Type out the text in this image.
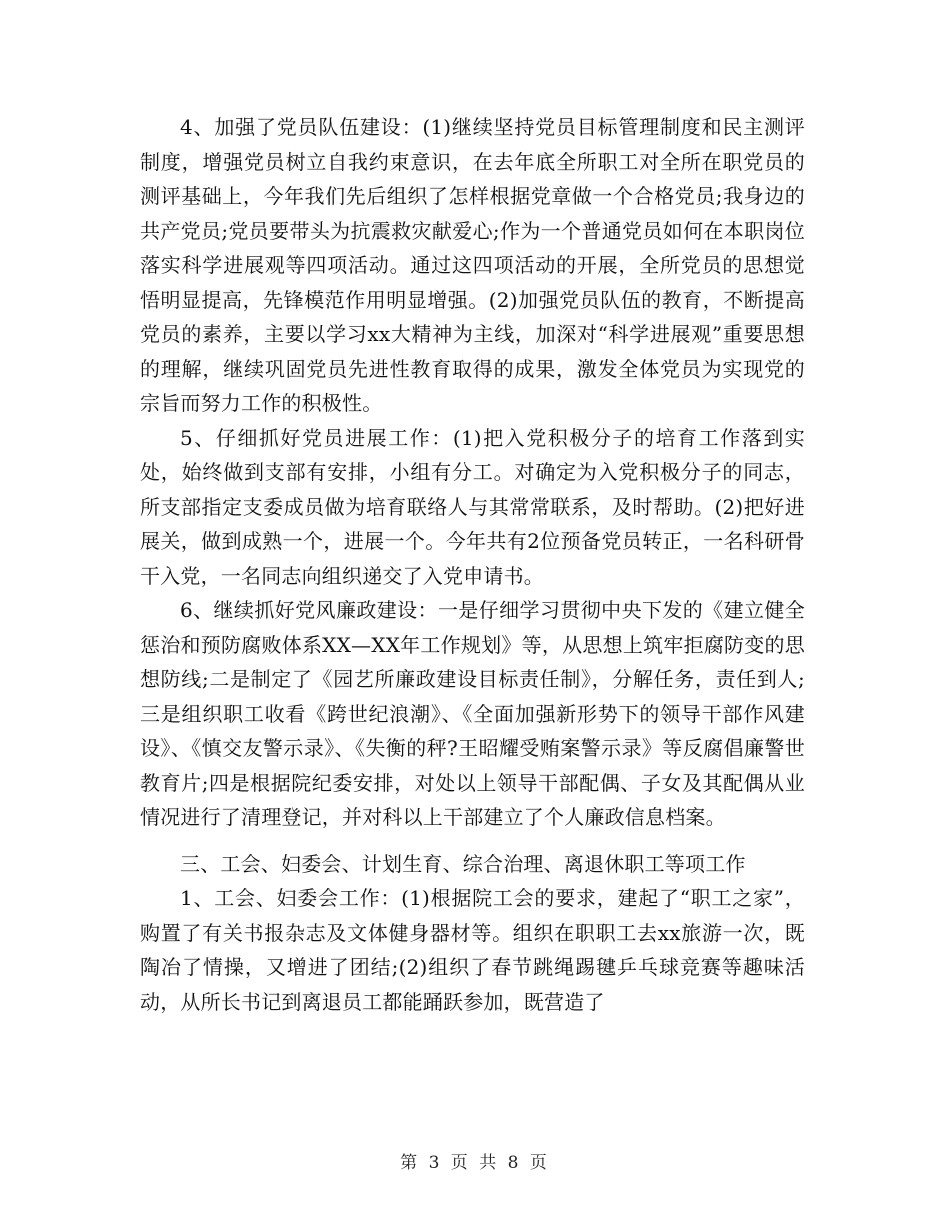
4、加强了党员队伍建设：(1)继续坚持党员目标管理制度和民主测评制度，增强党员树立自我约束意识，在去年底全所职工对全所在职党员的测评基础上，今年我们先后组织了怎样根据党章做一个合格党员;我身边的共产党员;党员要带头为抗震救灾献爱心;作为一个普通党员如何在本职岗位落实科学进展观等四项活动。通过这四项活动的开展，全所党员的思想觉悟明显提高，先锋模范作用明显增强。(2)加强党员队伍的教育，不断提高党员的素养，主要以学习xx大精神为主线，加深对“科学进展观”重要思想的理解，继续巩固党员先进性教育取得的成果，激发全体党员为实现党的宗旨而努力工作的积极性。

5、仔细抓好党员进展工作：(1)把入党积极分子的培育工作落到实处，始终做到支部有安排，小组有分工。对确定为入党积极分子的同志，所支部指定支委成员做为培育联络人与其常常联系，及时帮助。(2)把好进展关，做到成熟一个，进展一个。今年共有2位预备党员转正，一名科研骨干入党，一名同志向组织递交了入党申请书。

6、继续抓好党风廉政建设：一是仔细学习贯彻中央下发的《建立健全惩治和预防腐败体系XX—XX年工作规划》等，从思想上筑牢拒腐防变的思想防线;二是制定了《园艺所廉政建设目标责任制》，分解任务，责任到人;三是组织职工收看《跨世纪浪潮》、《全面加强新形势下的领导干部作风建设》、《慎交友警示录》、《失衡的秤?王昭耀受贿案警示录》等反腐倡廉警世教育片;四是根据院纪委安排，对处以上领导干部配偶、子女及其配偶从业情况进行了清理登记，并对科以上干部建立了个人廉政信息档案。

三、工会、妇委会、计划生育、综合治理、离退休职工等项工作

1、工会、妇委会工作：(1)根据院工会的要求，建起了“职工之家”，购置了有关书报杂志及文体健身器材等。组织在职职工去xx旅游一次，既陶冶了情操，又增进了团结;(2)组织了春节跳绳踢毽乒乓球竞赛等趣味活动，从所长书记到离退员工都能踊跃参加，既营造了

第 3 页 共 8 页
